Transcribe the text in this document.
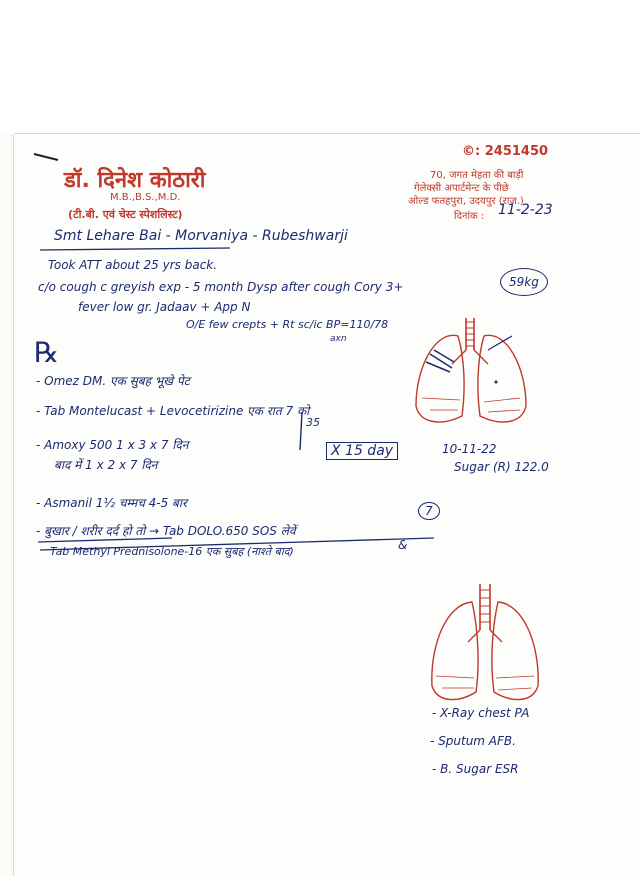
डॉ. दिनेश कोठारी
M.B.,B.S.,M.D.
(टी.बी. एवं चेस्ट स्पेशलिस्ट)
©: 2451450
70, जगत मेहता की बाड़ी
गेलेक्सी अपार्टमेन्ट के पीछे
ओल्ड फतहपुरा, उदयपुर (राज.)
दिनांक : 11-2-23
Smt Lehare Bai - Morvaniya - Rubeshwarji
Took ATT about 25 yrs back.
c/o cough c greyish exp - 5 month Dysp after cough Cory 3+
fever low gr. Jadaav + App N
59kg
O/E few crepts + Rt sc/ic BP=110/78
axn
℞
- Omez DM. एक सुबह भूखे पेट
- Tab Montelucast + Levocetirizine एक रात 7 को
- Amoxy 500 1 x 3 x 7 दिन
बाद में 1 x 2 x 7 दिन
- Asmanil 1½ चम्मच 4-5 बार
- बुखार / शरीर दर्द हो तो → Tab DOLO.650 SOS लेवें
Tab Methyl Prednisolone-16 एक सुबह (नाश्ते बाद)
35
X 15 day
7
&
10-11-22
Sugar (R) 122.0
- X-Ray chest PA
- Sputum AFB.
- B. Sugar ESR
